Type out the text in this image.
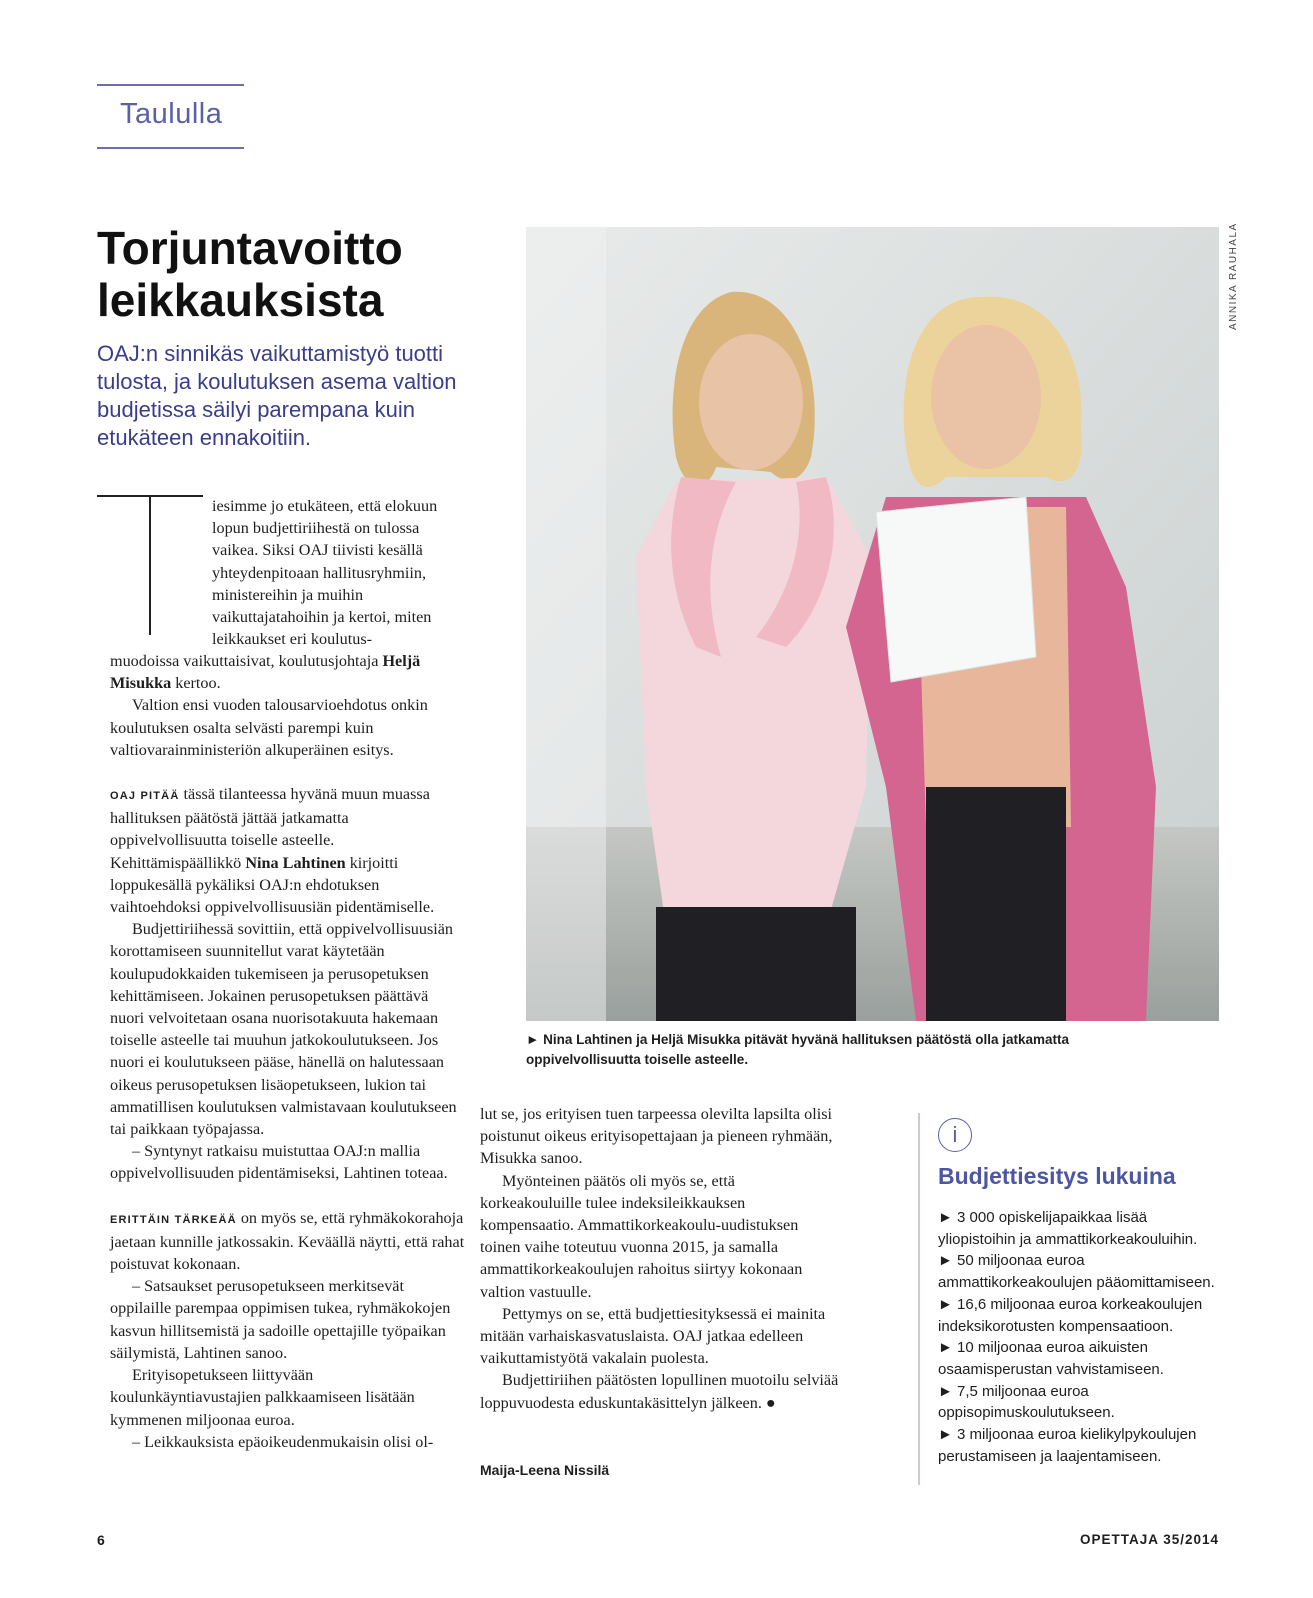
Taululla
Torjuntavoitto
leikkauksista
OAJ:n sinnikäs vaikuttamistyö tuotti tulosta, ja koulutuksen asema valtion budjetissa säilyi parempana kuin etukäteen ennakoitiin.
iesimme jo etukäteen, että elokuun lopun budjettiriihestä on tulossa vaikea. Siksi OAJ tiivisti kesällä yhteydenpitoaan hallitusryhmiin, ministereihin ja muihin vaikuttajatahoihin ja kertoi, miten leikkaukset eri koulutus-

muodoissa vaikuttaisivat, koulutusjohtaja Heljä Misukka kertoo.

Valtion ensi vuoden talousarvioehdotus onkin koulutuksen osalta selvästi parempi kuin valtiovarainministeriön alkuperäinen esitys.

OAJ PITÄÄ tässä tilanteessa hyvänä muun muassa hallituksen päätöstä jättää jatkamatta oppivelvollisuutta toiselle asteelle. Kehittämispäällikkö Nina Lahtinen kirjoitti loppukesällä pykäliksi OAJ:n ehdotuksen vaihtoehdoksi oppivelvollisuusiän pidentämiselle.

Budjettiriihessä sovittiin, että oppivelvollisuusiän korottamiseen suunnitellut varat käytetään koulupudokkaiden tukemiseen ja perusopetuksen kehittämiseen. Jokainen perusopetuksen päättävä nuori velvoitetaan osana nuorisotakuuta hakemaan toiselle asteelle tai muuhun jatkokoulutukseen. Jos nuori ei koulutukseen pääse, hänellä on halutessaan oikeus perusopetuksen lisäopetukseen, lukion tai ammatillisen koulutuksen valmistavaan koulutukseen tai paikkaan työpajassa.

– Syntynyt ratkaisu muistuttaa OAJ:n mallia oppivelvollisuuden pidentämiseksi, Lahtinen toteaa.

ERITTÄIN TÄRKEÄÄ on myös se, että ryhmäkokorahoja jaetaan kunnille jatkossakin. Keväällä näytti, että rahat poistuvat kokonaan.

– Satsaukset perusopetukseen merkitsevät oppilaille parempaa oppimisen tukea, ryhmäkokojen kasvun hillitsemistä ja sadoille opettajille työpaikan säilymistä, Lahtinen sanoo.

Erityisopetukseen liittyvään koulunkäyntiavustajien palkkaamiseen lisätään kymmenen miljoonaa euroa.

– Leikkauksista epäoikeudenmukaisin olisi ol-

lut se, jos erityisen tuen tarpeessa olevilta lapsilta olisi poistunut oikeus erityisopettajaan ja pieneen ryhmään, Misukka sanoo.

Myönteinen päätös oli myös se, että korkeakouluille tulee indeksileikkauksen kompensaatio. Ammattikorkeakoulu-uudistuksen toinen vaihe toteutuu vuonna 2015, ja samalla ammattikorkeakoulujen rahoitus siirtyy kokonaan valtion vastuulle.

Pettymys on se, että budjettiesityksessä ei mainita mitään varhaiskasvatuslaista. OAJ jatkaa edelleen vaikuttamistyötä vakalain puolesta.

Budjettiriihen päätösten lopullinen muotoilu selviää loppuvuodesta eduskuntakäsittelyn jälkeen. ●

Maija-Leena Nissilä
ANNIKA RAUHALA
► Nina Lahtinen ja Heljä Misukka pitävät hyvänä hallituksen päätöstä olla jatkamatta oppivelvollisuutta toiselle asteelle.
i
Budjettiesitys lukuina
► 3 000 opiskelijapaikkaa lisää yliopistoihin ja ammattikorkeakouluihin.
► 50 miljoonaa euroa ammattikorkeakoulujen pääomittamiseen.
► 16,6 miljoonaa euroa korkeakoulujen indeksikorotusten kompensaatioon.
► 10 miljoonaa euroa aikuisten osaamisperustan vahvistamiseen.
► 7,5 miljoonaa euroa oppisopimuskoulutukseen.
► 3 miljoonaa euroa kielikylpykoulujen perustamiseen ja laajentamiseen.
6	OPETTAJA 35/2014
